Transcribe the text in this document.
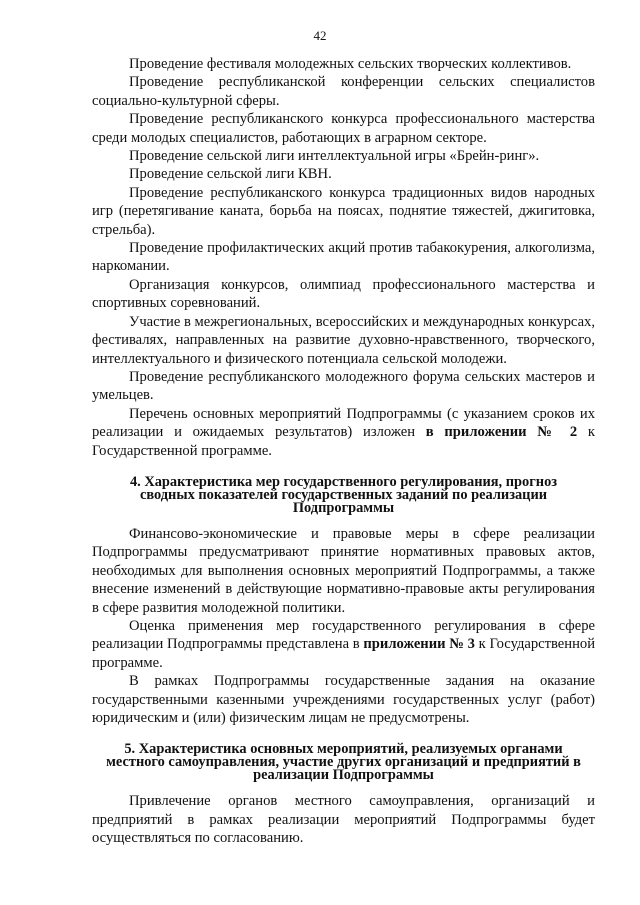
42

Проведение фестиваля молодежных сельских творческих коллективов.

Проведение республиканской конференции сельских специалистов социально-культурной сферы.

Проведение республиканского конкурса профессионального мастерства среди молодых специалистов, работающих в аграрном секторе.

Проведение сельской лиги интеллектуальной игры «Брейн-ринг».

Проведение сельской лиги КВН.

Проведение республиканского конкурса традиционных видов народных игр (перетягивание каната, борьба на поясах, поднятие тяжестей, джигитовка, стрельба).

Проведение профилактических акций против табакокурения, алкоголизма, наркомании.

Организация конкурсов, олимпиад профессионального мастерства и спортивных соревнований.

Участие в межрегиональных, всероссийских и международных конкурсах, фестивалях, направленных на развитие духовно-нравственного, творческого, интеллектуального и физического потенциала сельской молодежи.

Проведение республиканского молодежного форума сельских мастеров и умельцев.

Перечень основных мероприятий Подпрограммы (с указанием сроков их реализации и ожидаемых результатов) изложен в приложении № 2 к Государственной программе.

4. Характеристика мер государственного регулирования, прогноз
сводных показателей государственных заданий по реализации
Подпрограммы

Финансово-экономические и правовые меры в сфере реализации Подпрограммы предусматривают принятие нормативных правовых актов, необходимых для выполнения основных мероприятий Подпрограммы, а также внесение изменений в действующие нормативно-правовые акты регулирования в сфере развития молодежной политики.

Оценка применения мер государственного регулирования в сфере реализации Подпрограммы представлена в приложении № 3 к Государственной программе.

В рамках Подпрограммы государственные задания на оказание государственными казенными учреждениями государственных услуг (работ) юридическим и (или) физическим лицам не предусмотрены.

5. Характеристика основных мероприятий, реализуемых органами
местного самоуправления, участие других организаций и предприятий в
реализации Подпрограммы

Привлечение органов местного самоуправления, организаций и предприятий в рамках реализации мероприятий Подпрограммы будет осуществляться по согласованию.
